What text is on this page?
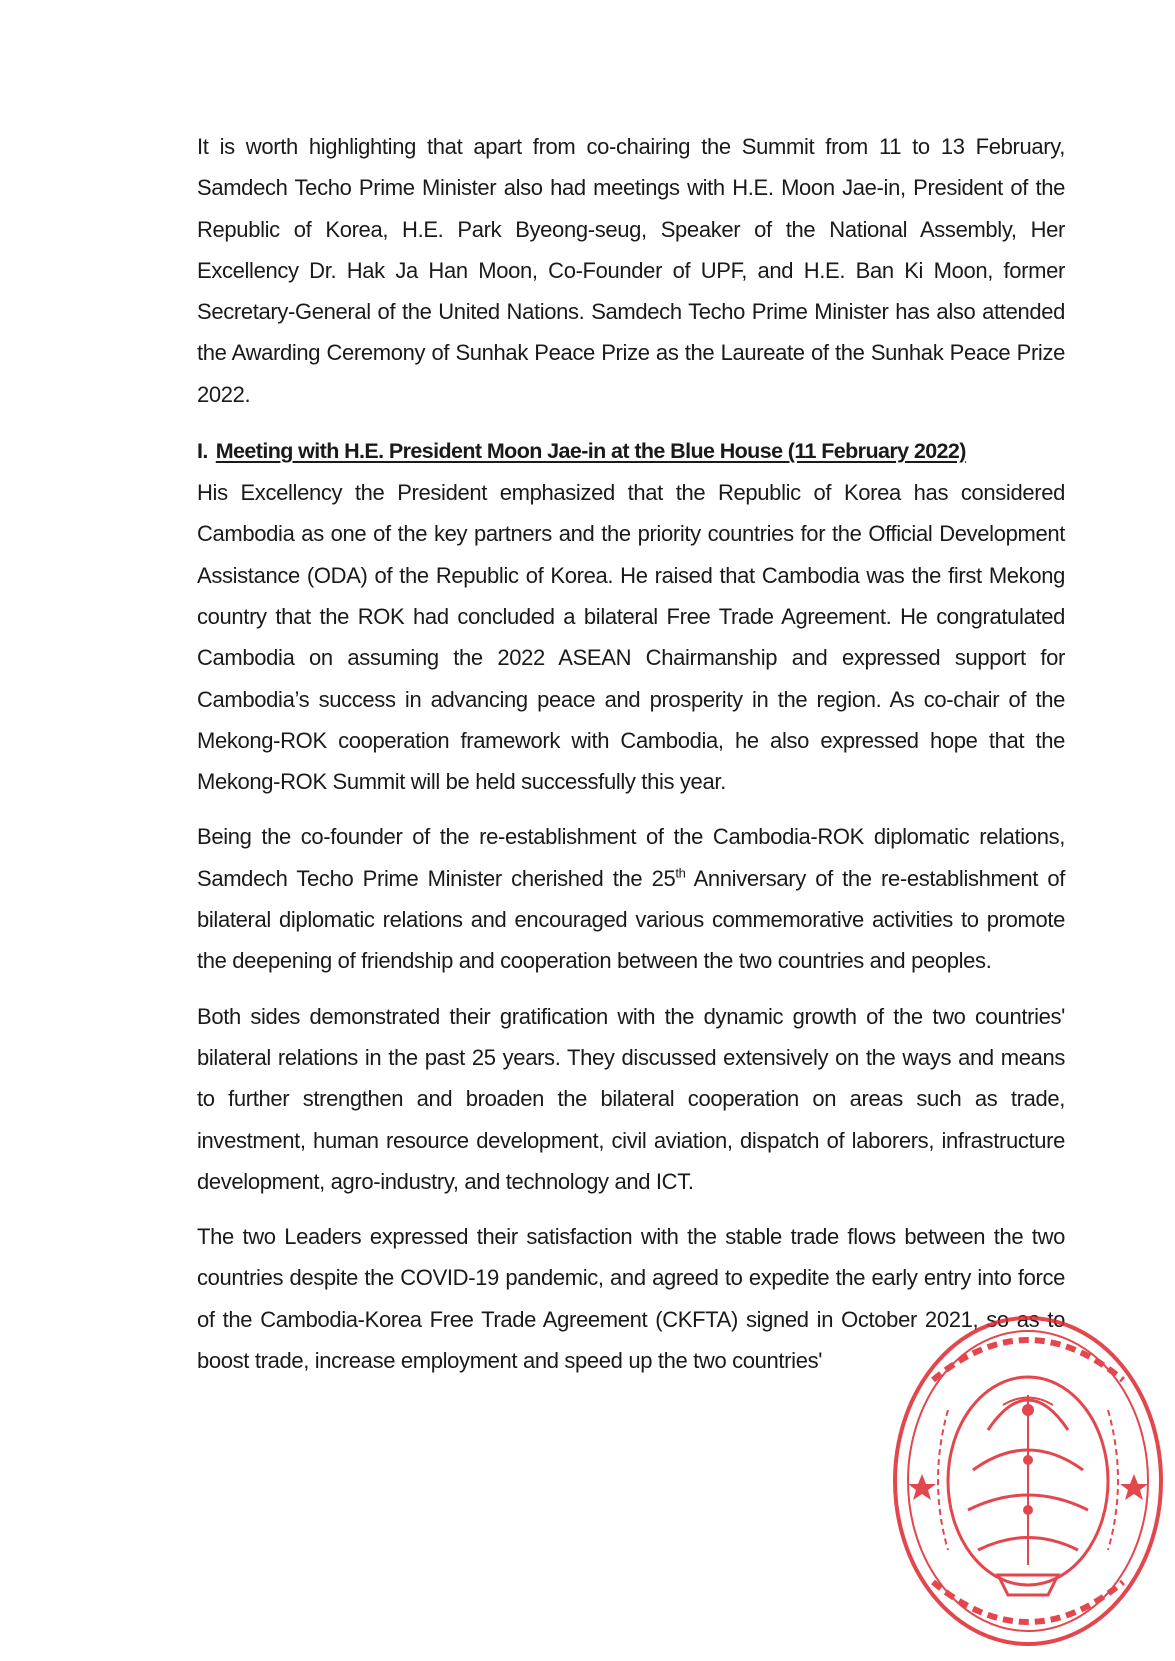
It is worth highlighting that apart from co-chairing the Summit from 11 to 13 February, Samdech Techo Prime Minister also had meetings with H.E. Moon Jae-in, President of the Republic of Korea, H.E. Park Byeong-seug, Speaker of the National Assembly, Her Excellency Dr. Hak Ja Han Moon, Co-Founder of UPF, and H.E. Ban Ki Moon, former Secretary-General of the United Nations. Samdech Techo Prime Minister has also attended the Awarding Ceremony of Sunhak Peace Prize as the Laureate of the Sunhak Peace Prize 2022.

I. Meeting with H.E. President Moon Jae-in at the Blue House (11 February 2022)

His Excellency the President emphasized that the Republic of Korea has considered Cambodia as one of the key partners and the priority countries for the Official Development Assistance (ODA) of the Republic of Korea. He raised that Cambodia was the first Mekong country that the ROK had concluded a bilateral Free Trade Agreement. He congratulated Cambodia on assuming the 2022 ASEAN Chairmanship and expressed support for Cambodia’s success in advancing peace and prosperity in the region. As co-chair of the Mekong-ROK cooperation framework with Cambodia, he also expressed hope that the Mekong-ROK Summit will be held successfully this year.

Being the co-founder of the re-establishment of the Cambodia-ROK diplomatic relations, Samdech Techo Prime Minister cherished the 25th Anniversary of the re-establishment of bilateral diplomatic relations and encouraged various commemorative activities to promote the deepening of friendship and cooperation between the two countries and peoples.

Both sides demonstrated their gratification with the dynamic growth of the two countries' bilateral relations in the past 25 years. They discussed extensively on the ways and means to further strengthen and broaden the bilateral cooperation on areas such as trade, investment, human resource development, civil aviation, dispatch of laborers, infrastructure development, agro-industry, and technology and ICT.

The two Leaders expressed their satisfaction with the stable trade flows between the two countries despite the COVID-19 pandemic, and agreed to expedite the early entry into force of the Cambodia-Korea Free Trade Agreement (CKFTA) signed in October 2021, so as to boost trade, increase employment and speed up the two countries'
